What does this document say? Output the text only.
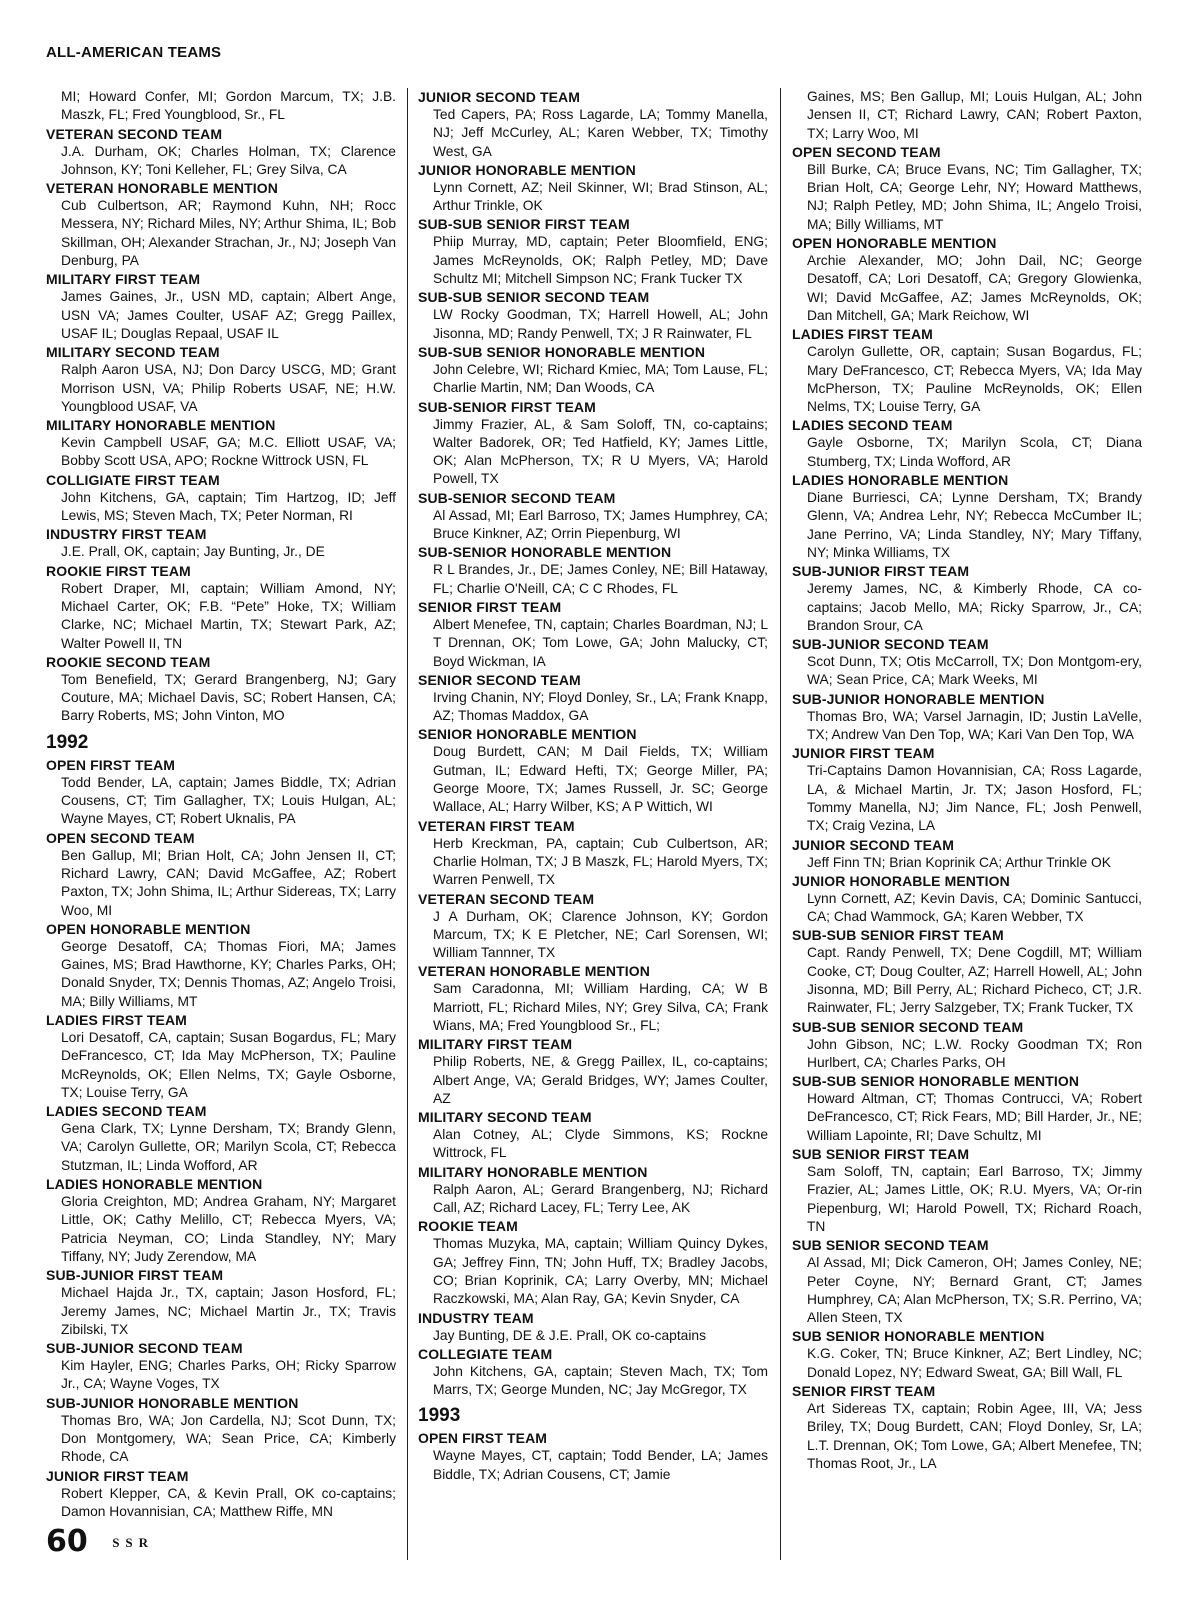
ALL-AMERICAN TEAMS
MI; Howard Confer, MI; Gordon Marcum, TX; J.B. Maszk, FL; Fred Youngblood, Sr., FL
VETERAN SECOND TEAM
J.A. Durham, OK; Charles Holman, TX; Clarence Johnson, KY; Toni Kelleher, FL; Grey Silva, CA
VETERAN HONORABLE MENTION
Cub Culbertson, AR; Raymond Kuhn, NH; Rocc Messera, NY; Richard Miles, NY; Arthur Shima, IL; Bob Skillman, OH; Alexander Strachan, Jr., NJ; Joseph Van Denburg, PA
MILITARY FIRST TEAM
James Gaines, Jr., USN MD, captain; Albert Ange, USN VA; James Coulter, USAF AZ; Gregg Paillex, USAF IL; Douglas Repaal, USAF IL
MILITARY SECOND TEAM
Ralph Aaron USA, NJ; Don Darcy USCG, MD; Grant Morrison USN, VA; Philip Roberts USAF, NE; H.W. Youngblood USAF, VA
MILITARY HONORABLE MENTION
Kevin Campbell USAF, GA; M.C. Elliott USAF, VA; Bobby Scott USA, APO; Rockne Wittrock USN, FL
COLLIGIATE FIRST TEAM
John Kitchens, GA, captain; Tim Hartzog, ID; Jeff Lewis, MS; Steven Mach, TX; Peter Norman, RI
INDUSTRY FIRST TEAM
J.E. Prall, OK, captain; Jay Bunting, Jr., DE
ROOKIE FIRST TEAM
Robert Draper, MI, captain; William Amond, NY; Michael Carter, OK; F.B. “Pete” Hoke, TX; William Clarke, NC; Michael Martin, TX; Stewart Park, AZ; Walter Powell II, TN
ROOKIE SECOND TEAM
Tom Benefield, TX; Gerard Brangenberg, NJ; Gary Couture, MA; Michael Davis, SC; Robert Hansen, CA; Barry Roberts, MS; John Vinton, MO
1992
OPEN FIRST TEAM
Todd Bender, LA, captain; James Biddle, TX; Adrian Cousens, CT; Tim Gallagher, TX; Louis Hulgan, AL; Wayne Mayes, CT; Robert Uknalis, PA
OPEN SECOND TEAM
Ben Gallup, MI; Brian Holt, CA; John Jensen II, CT; Richard Lawry, CAN; David McGaffee, AZ; Robert Paxton, TX; John Shima, IL; Arthur Sidereas, TX; Larry Woo, MI
OPEN HONORABLE MENTION
George Desatoff, CA; Thomas Fiori, MA; James Gaines, MS; Brad Hawthorne, KY; Charles Parks, OH; Donald Snyder, TX; Dennis Thomas, AZ; Angelo Troisi, MA; Billy Williams, MT
LADIES FIRST TEAM
Lori Desatoff, CA, captain; Susan Bogardus, FL; Mary DeFrancesco, CT; Ida May McPherson, TX; Pauline McReynolds, OK; Ellen Nelms, TX; Gayle Osborne, TX; Louise Terry, GA
LADIES SECOND TEAM
Gena Clark, TX; Lynne Dersham, TX; Brandy Glenn, VA; Carolyn Gullette, OR; Marilyn Scola, CT; Rebecca Stutzman, IL; Linda Wofford, AR
LADIES HONORABLE MENTION
Gloria Creighton, MD; Andrea Graham, NY; Margaret Little, OK; Cathy Melillo, CT; Rebecca Myers, VA; Patricia Neyman, CO; Linda Standley, NY; Mary Tiffany, NY; Judy Zerendow, MA
SUB-JUNIOR FIRST TEAM
Michael Hajda Jr., TX, captain; Jason Hosford, FL; Jeremy James, NC; Michael Martin Jr., TX; Travis Zibilski, TX
SUB-JUNIOR SECOND TEAM
Kim Hayler, ENG; Charles Parks, OH; Ricky Sparrow Jr., CA; Wayne Voges, TX
SUB-JUNIOR HONORABLE MENTION
Thomas Bro, WA; Jon Cardella, NJ; Scot Dunn, TX; Don Montgomery, WA; Sean Price, CA; Kimberly Rhode, CA
JUNIOR FIRST TEAM
Robert Klepper, CA, & Kevin Prall, OK co-captains; Damon Hovannisian, CA; Matthew Riffe, MN
JUNIOR SECOND TEAM
Ted Capers, PA; Ross Lagarde, LA; Tommy Manella, NJ; Jeff McCurley, AL; Karen Webber, TX; Timothy West, GA
JUNIOR HONORABLE MENTION
Lynn Cornett, AZ; Neil Skinner, WI; Brad Stinson, AL; Arthur Trinkle, OK
SUB-SUB SENIOR FIRST TEAM
Phiip Murray, MD, captain; Peter Bloomfield, ENG; James McReynolds, OK; Ralph Petley, MD; Dave Schultz MI; Mitchell Simpson NC; Frank Tucker TX
SUB-SUB SENIOR SECOND TEAM
LW Rocky Goodman, TX; Harrell Howell, AL; John Jisonna, MD; Randy Penwell, TX; J R Rainwater, FL
SUB-SUB SENIOR HONORABLE MENTION
John Celebre, WI; Richard Kmiec, MA; Tom Lause, FL; Charlie Martin, NM; Dan Woods, CA
SUB-SENIOR FIRST TEAM
Jimmy Frazier, AL, & Sam Soloff, TN, co-captains; Walter Badorek, OR; Ted Hatfield, KY; James Little, OK; Alan McPherson, TX; R U Myers, VA; Harold Powell, TX
SUB-SENIOR SECOND TEAM
Al Assad, MI; Earl Barroso, TX; James Humphrey, CA; Bruce Kinkner, AZ; Orrin Piepenburg, WI
SUB-SENIOR HONORABLE MENTION
R L Brandes, Jr., DE; James Conley, NE; Bill Hataway, FL; Charlie O'Neill, CA; C C Rhodes, FL
SENIOR FIRST TEAM
Albert Menefee, TN, captain; Charles Boardman, NJ; L T Drennan, OK; Tom Lowe, GA; John Malucky, CT; Boyd Wickman, IA
SENIOR SECOND TEAM
Irving Chanin, NY; Floyd Donley, Sr., LA; Frank Knapp, AZ; Thomas Maddox, GA
SENIOR HONORABLE MENTION
Doug Burdett, CAN; M Dail Fields, TX; William Gutman, IL; Edward Hefti, TX; George Miller, PA; George Moore, TX; James Russell, Jr. SC; George Wallace, AL; Harry Wilber, KS; A P Wittich, WI
VETERAN FIRST TEAM
Herb Kreckman, PA, captain; Cub Culbertson, AR; Charlie Holman, TX; J B Maszk, FL; Harold Myers, TX; Warren Penwell, TX
VETERAN SECOND TEAM
J A Durham, OK; Clarence Johnson, KY; Gordon Marcum, TX; K E Pletcher, NE; Carl Sorensen, WI; William Tannner, TX
VETERAN HONORABLE MENTION
Sam Caradonna, MI; William Harding, CA; W B Marriott, FL; Richard Miles, NY; Grey Silva, CA; Frank Wians, MA; Fred Youngblood Sr., FL;
MILITARY FIRST TEAM
Philip Roberts, NE, & Gregg Paillex, IL, co-captains; Albert Ange, VA; Gerald Bridges, WY; James Coulter, AZ
MILITARY SECOND TEAM
Alan Cotney, AL; Clyde Simmons, KS; Rockne Wittrock, FL
MILITARY HONORABLE MENTION
Ralph Aaron, AL; Gerard Brangenberg, NJ; Richard Call, AZ; Richard Lacey, FL; Terry Lee, AK
ROOKIE TEAM
Thomas Muzyka, MA, captain; William Quincy Dykes, GA; Jeffrey Finn, TN; John Huff, TX; Bradley Jacobs, CO; Brian Koprinik, CA; Larry Overby, MN; Michael Raczkowski, MA; Alan Ray, GA; Kevin Snyder, CA
INDUSTRY TEAM
Jay Bunting, DE & J.E. Prall, OK co-captains
COLLEGIATE TEAM
John Kitchens, GA, captain; Steven Mach, TX; Tom Marrs, TX; George Munden, NC; Jay McGregor, TX
1993
OPEN FIRST TEAM
Wayne Mayes, CT, captain; Todd Bender, LA; James Biddle, TX; Adrian Cousens, CT; Jamie
Gaines, MS; Ben Gallup, MI; Louis Hulgan, AL; John Jensen II, CT; Richard Lawry, CAN; Robert Paxton, TX; Larry Woo, MI
OPEN SECOND TEAM
Bill Burke, CA; Bruce Evans, NC; Tim Gallagher, TX; Brian Holt, CA; George Lehr, NY; Howard Matthews, NJ; Ralph Petley, MD; John Shima, IL; Angelo Troisi, MA; Billy Williams, MT
OPEN HONORABLE MENTION
Archie Alexander, MO; John Dail, NC; George Desatoff, CA; Lori Desatoff, CA; Gregory Glowienka, WI; David McGaffee, AZ; James McReynolds, OK; Dan Mitchell, GA; Mark Reichow, WI
LADIES FIRST TEAM
Carolyn Gullette, OR, captain; Susan Bogardus, FL; Mary DeFrancesco, CT; Rebecca Myers, VA; Ida May McPherson, TX; Pauline McReynolds, OK; Ellen Nelms, TX; Louise Terry, GA
LADIES SECOND TEAM
Gayle Osborne, TX; Marilyn Scola, CT; Diana Stumberg, TX; Linda Wofford, AR
LADIES HONORABLE MENTION
Diane Burriesci, CA; Lynne Dersham, TX; Brandy Glenn, VA; Andrea Lehr, NY; Rebecca McCumber IL; Jane Perrino, VA; Linda Standley, NY; Mary Tiffany, NY; Minka Williams, TX
SUB-JUNIOR FIRST TEAM
Jeremy James, NC, & Kimberly Rhode, CA co-captains; Jacob Mello, MA; Ricky Sparrow, Jr., CA; Brandon Srour, CA
SUB-JUNIOR SECOND TEAM
Scot Dunn, TX; Otis McCarroll, TX; Don Montgom-ery, WA; Sean Price, CA; Mark Weeks, MI
SUB-JUNIOR HONORABLE MENTION
Thomas Bro, WA; Varsel Jarnagin, ID; Justin LaVelle, TX; Andrew Van Den Top, WA; Kari Van Den Top, WA
JUNIOR FIRST TEAM
Tri-Captains Damon Hovannisian, CA; Ross Lagarde, LA, & Michael Martin, Jr. TX; Jason Hosford, FL; Tommy Manella, NJ; Jim Nance, FL; Josh Penwell, TX; Craig Vezina, LA
JUNIOR SECOND TEAM
Jeff Finn TN; Brian Koprinik CA; Arthur Trinkle OK
JUNIOR HONORABLE MENTION
Lynn Cornett, AZ; Kevin Davis, CA; Dominic Santucci, CA; Chad Wammock, GA; Karen Webber, TX
SUB-SUB SENIOR FIRST TEAM
Capt. Randy Penwell, TX; Dene Cogdill, MT; William Cooke, CT; Doug Coulter, AZ; Harrell Howell, AL; John Jisonna, MD; Bill Perry, AL; Richard Picheco, CT; J.R. Rainwater, FL; Jerry Salzgeber, TX; Frank Tucker, TX
SUB-SUB SENIOR SECOND TEAM
John Gibson, NC; L.W. Rocky Goodman TX; Ron Hurlbert, CA; Charles Parks, OH
SUB-SUB SENIOR HONORABLE MENTION
Howard Altman, CT; Thomas Contrucci, VA; Robert DeFrancesco, CT; Rick Fears, MD; Bill Harder, Jr., NE; William Lapointe, RI; Dave Schultz, MI
SUB SENIOR FIRST TEAM
Sam Soloff, TN, captain; Earl Barroso, TX; Jimmy Frazier, AL; James Little, OK; R.U. Myers, VA; Or-rin Piepenburg, WI; Harold Powell, TX; Richard Roach, TN
SUB SENIOR SECOND TEAM
Al Assad, MI; Dick Cameron, OH; James Conley, NE; Peter Coyne, NY; Bernard Grant, CT; James Humphrey, CA; Alan McPherson, TX; S.R. Perrino, VA; Allen Steen, TX
SUB SENIOR HONORABLE MENTION
K.G. Coker, TN; Bruce Kinkner, AZ; Bert Lindley, NC; Donald Lopez, NY; Edward Sweat, GA; Bill Wall, FL
SENIOR FIRST TEAM
Art Sidereas TX, captain; Robin Agee, III, VA; Jess Briley, TX; Doug Burdett, CAN; Floyd Donley, Sr, LA; L.T. Drennan, OK; Tom Lowe, GA; Albert Menefee, TN; Thomas Root, Jr., LA
60 $^{SSR}$
